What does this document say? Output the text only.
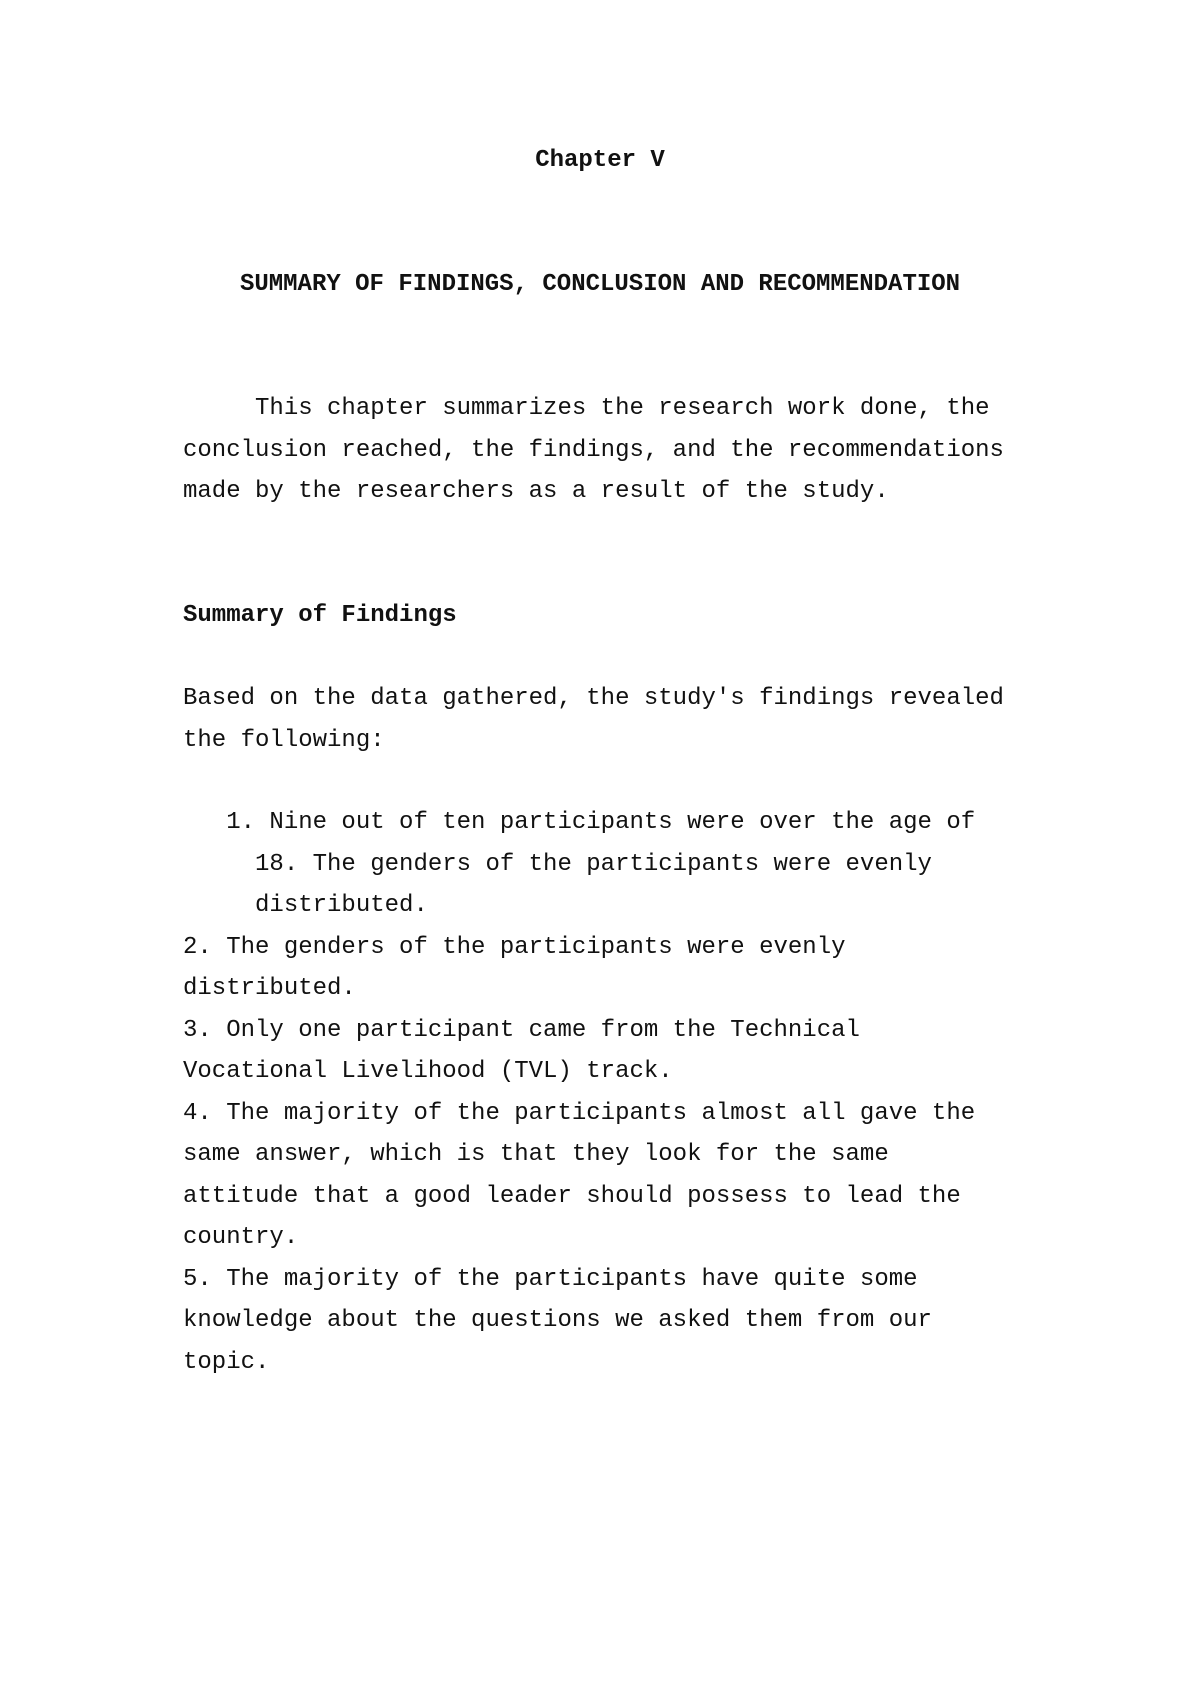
Chapter V
SUMMARY OF FINDINGS, CONCLUSION AND RECOMMENDATION
This chapter summarizes the research work done, the
conclusion reached, the findings, and the recommendations
made by the researchers as a result of the study.
Summary of Findings
Based on the data gathered, the study's findings revealed
the following:
1. Nine out of ten participants were over the age of
18. The genders of the participants were evenly
distributed.
2. The genders of the participants were evenly
distributed.
3. Only one participant came from the Technical
Vocational Livelihood (TVL) track.
4. The majority of the participants almost all gave the
same answer, which is that they look for the same
attitude that a good leader should possess to lead the
country.
5. The majority of the participants have quite some
knowledge about the questions we asked them from our
topic.
